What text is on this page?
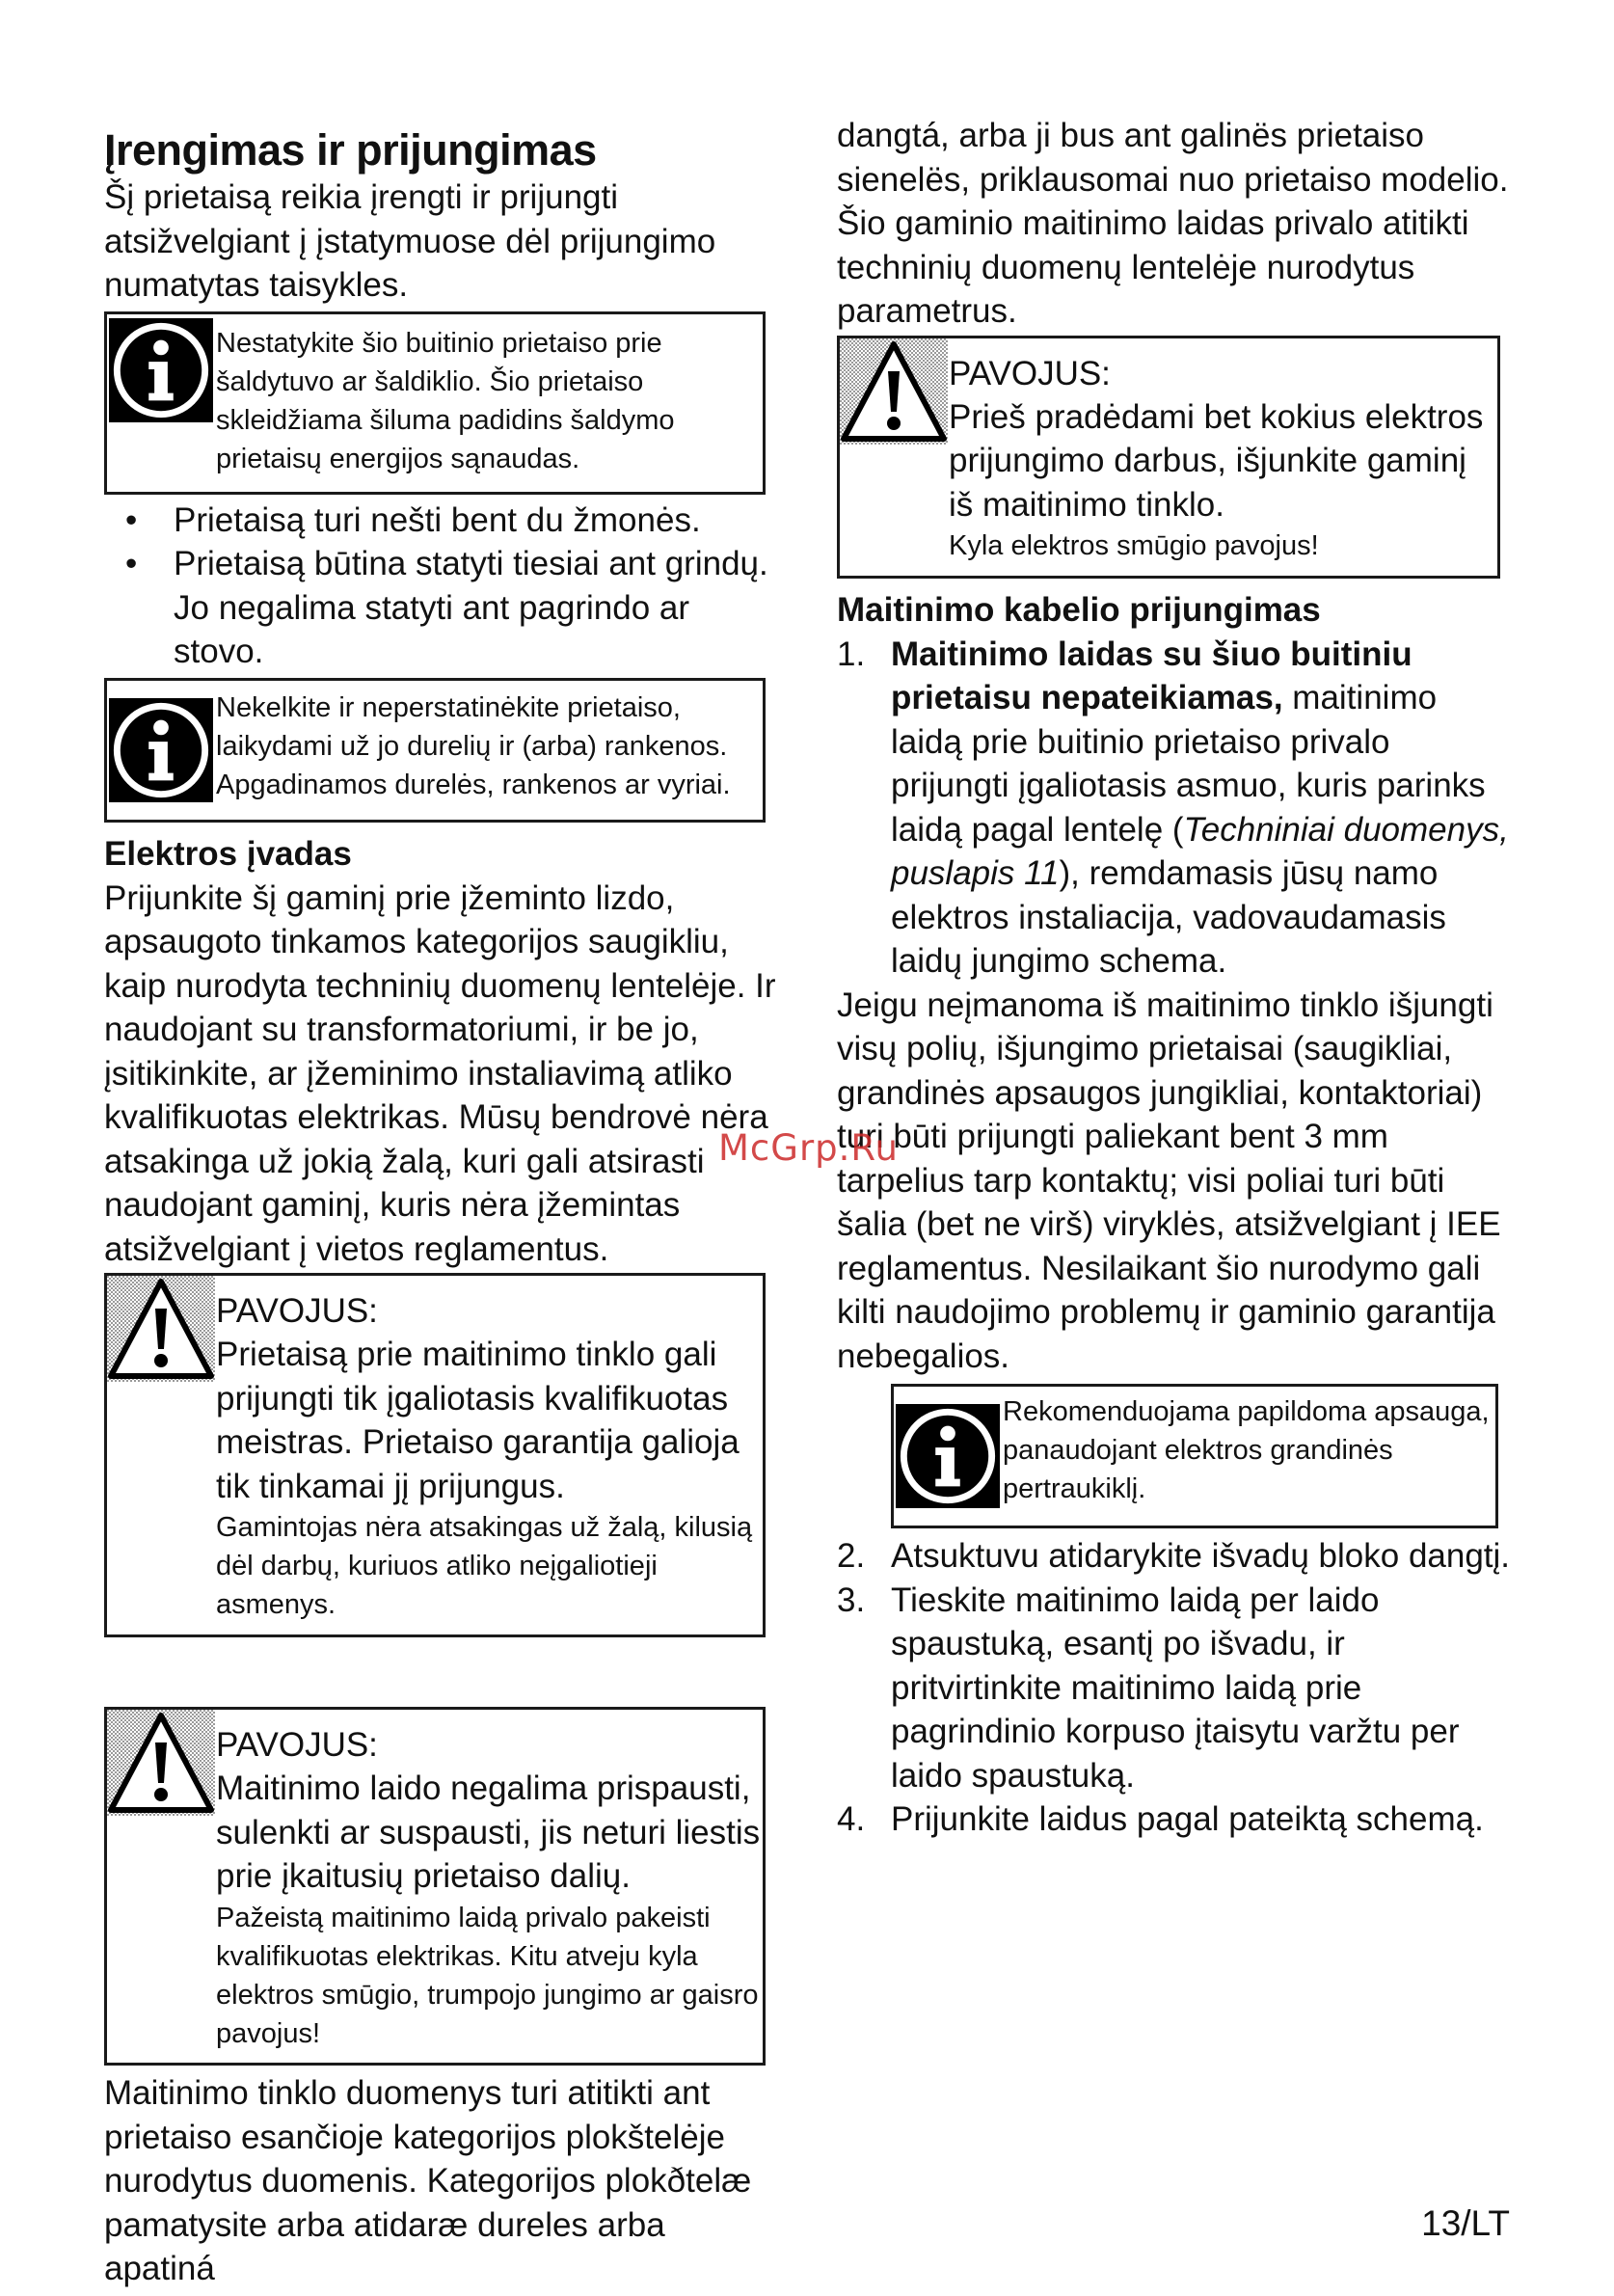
Įrengimas ir prijungimas

Šį prietaisą reikia įrengti ir prijungti atsižvelgiant į įstatymuose dėl prijungimo numatytas taisykles.

Nestatykite šio buitinio prietaiso prie šaldytuvo ar šaldiklio. Šio prietaiso skleidžiama šiluma padidins šaldymo prietaisų energijos sąnaudas.

• Prietaisą turi nešti bent du žmonės.
• Prietaisą būtina statyti tiesiai ant grindų. Jo negalima statyti ant pagrindo ar stovo.

Nekelkite ir neperstatinėkite prietaiso, laikydami už jo durelių ir (arba) rankenos. Apgadinamos durelės, rankenos ar vyriai.

Elektros įvadas

Prijunkite šį gaminį prie įžeminto lizdo, apsaugoto tinkamos kategorijos saugikliu, kaip nurodyta techninių duomenų lentelėje. Ir naudojant su transformatoriumi, ir be jo, įsitikinkite, ar įžeminimo instaliavimą atliko kvalifikuotas elektrikas. Mūsų bendrovė nėra atsakinga už jokią žalą, kuri gali atsirasti naudojant gaminį, kuris nėra įžemintas atsižvelgiant į vietos reglamentus.

PAVOJUS:

Prietaisą prie maitinimo tinklo gali prijungti tik įgaliotasis kvalifikuotas meistras. Prietaiso garantija galioja tik tinkamai jį prijungus.

Gamintojas nėra atsakingas už žalą, kilusią dėl darbų, kuriuos atliko neįgaliotieji asmenys.

PAVOJUS:

Maitinimo laido negalima prispausti, sulenkti ar suspausti, jis neturi liestis prie įkaitusių prietaiso dalių.

Pažeistą maitinimo laidą privalo pakeisti kvalifikuotas elektrikas. Kitu atveju kyla elektros smūgio, trumpojo jungimo ar gaisro pavojus!

Maitinimo tinklo duomenys turi atitikti ant prietaiso esančioje kategorijos plokštelėje nurodytus duomenis. Kategorijos plokðtelæ pamatysite arba atidaræ dureles arba apatiná

dangtá, arba ji bus ant galinës prietaiso sienelës, priklausomai nuo prietaiso modelio.

Šio gaminio maitinimo laidas privalo atitikti techninių duomenų lentelėje nurodytus parametrus.

PAVOJUS:

Prieš pradėdami bet kokius elektros prijungimo darbus, išjunkite gaminį iš maitinimo tinklo.

Kyla elektros smūgio pavojus!

Maitinimo kabelio prijungimas
1. Maitinimo laidas su šiuo buitiniu prietaisu nepateikiamas, maitinimo laidą prie buitinio prietaiso privalo prijungti įgaliotasis asmuo, kuris parinks laidą pagal lentelę (Techniniai duomenys, puslapis 11), remdamasis jūsų namo elektros instaliacija, vadovaudamasis laidų jungimo schema.

Jeigu neįmanoma iš maitinimo tinklo išjungti visų polių, išjungimo prietaisai (saugikliai, grandinės apsaugos jungikliai, kontaktoriai) turi būti prijungti paliekant bent 3 mm tarpelius tarp kontaktų; visi poliai turi būti šalia (bet ne virš) viryklės, atsižvelgiant į IEE reglamentus. Nesilaikant šio nurodymo gali kilti naudojimo problemų ir gaminio garantija nebegalios.

Rekomenduojama papildoma apsauga, panaudojant elektros grandinės pertraukiklį.

2. Atsuktuvu atidarykite išvadų bloko dangtį.
3. Tieskite maitinimo laidą per laido spaustuką, esantį po išvadu, ir pritvirtinkite maitinimo laidą prie pagrindinio korpuso įtaisytu varžtu per laido spaustuką.
4. Prijunkite laidus pagal pateiktą schemą.
McGrp.Ru
13/LT
